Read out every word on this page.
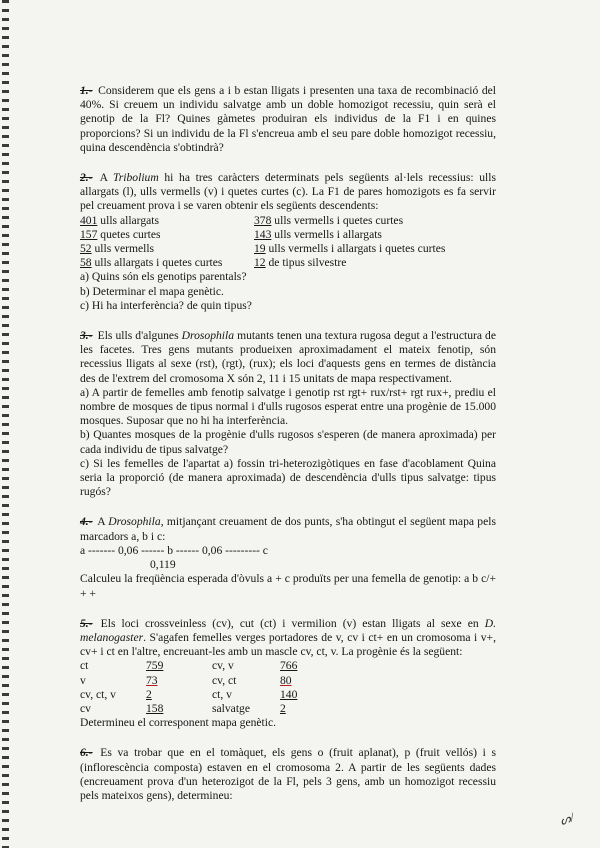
1.- Considerem que els gens a i b estan lligats i presenten una taxa de recombinació del 40%. Si creuem un individu salvatge amb un doble homozigot recessiu, quin serà el genotip de la Fl? Quines gàmetes produiran els individus de la F1 i en quines proporcions? Si un individu de la Fl s'encreua amb el seu pare doble homozigot recessiu, quina descendència s'obtindrà?

2.- A Tribolium hi ha tres caràcters determinats pels següents al·lels recessius: ulls allargats (l), ulls vermells (v) i quetes curtes (c). La F1 de pares homozigots es fa servir pel creuament prova i se varen obtenir els següents descendents:

401 ulls allargats	378 ulls vermells i quetes curtes
157 quetes curtes	143 ulls vermells i allargats
52 ulls vermells	19 ulls vermells i allargats i quetes curtes
58 ulls allargats i quetes curtes	12 de tipus silvestre
a) Quins són els genotips parentals?
b) Determinar el mapa genètic.
c) Hi ha interferència? de quin tipus?

3.- Els ulls d'algunes Drosophila mutants tenen una textura rugosa degut a l'estructura de les facetes. Tres gens mutants produeixen aproximadament el mateix fenotip, són recessius lligats al sexe (rst), (rgt), (rux); els loci d'aquests gens en termes de distància des de l'extrem del cromosoma X són 2, 11 i 15 unitats de mapa respectivament.

a) A partir de femelles amb fenotip salvatge i genotip rst rgt+ rux/rst+ rgt rux+, prediu el nombre de mosques de tipus normal i d'ulls rugosos esperat entre una progènie de 15.000 mosques. Suposar que no hi ha interferència.

b) Quantes mosques de la progènie d'ulls rugosos s'esperen (de manera aproximada) per cada individu de tipus salvatge?

c) Si les femelles de l'apartat a) fossin tri-heterozigòtiques en fase d'acoblament Quina seria la proporció (de manera aproximada) de descendència d'ulls tipus salvatge: tipus rugós?

4.- A Drosophila, mitjançant creuament de dos punts, s'ha obtingut el següent mapa pels marcadors a, b i c:

a ------- 0,06 ------ b ------ 0,06 --------- c
0,119

Calculeu la freqüència esperada d'òvuls a + c produïts per una femella de genotip: a b c/+ + +

5.- Els loci crossveinless (cv), cut (ct) i vermilion (v) estan lligats al sexe en D. melanogaster. S'agafen femelles verges portadores de v, cv i ct+ en un cromosoma i v+, cv+ i ct en l'altre, encreuant-les amb un mascle cv, ct, v. La progènie és la següent:

ct	759	cv, v	766
v	73	cv, ct	80
cv, ct, v	2	ct, v	140
cv	158	salvatge	2

Determineu el corresponent mapa genètic.

6.- Es va trobar que en el tomàquet, els gens o (fruit aplanat), p (fruit vellós) i s (inflorescència composta) estaven en el cromosoma 2. A partir de les següents dades (encreuament prova d'un heterozigot de la Fl, pels 3 gens, amb un homozigot recessiu pels mateixos gens), determineu:

ᔕ/
